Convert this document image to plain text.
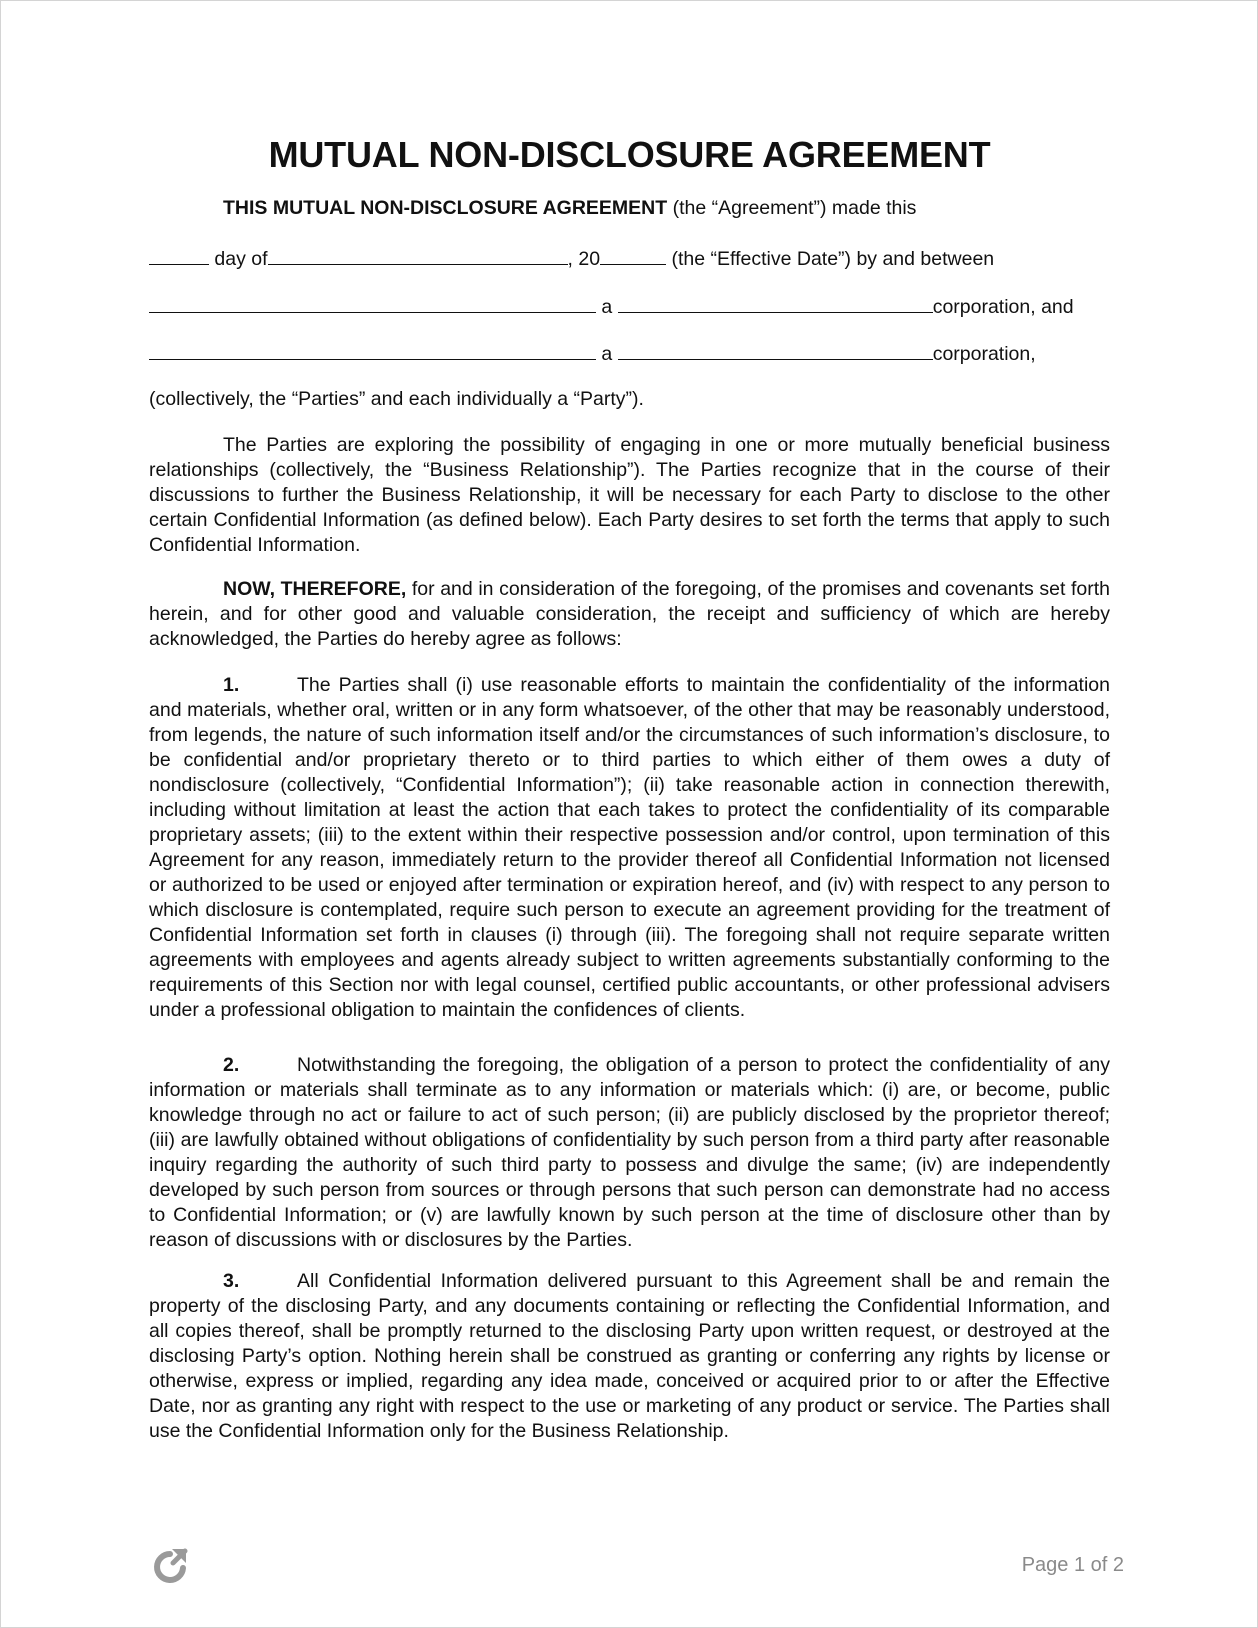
MUTUAL NON-DISCLOSURE AGREEMENT
THIS MUTUAL NON-DISCLOSURE AGREEMENT (the “Agreement”) made this
day of	, 20	(the “Effective Date”) by and between
a	corporation, and
a	corporation,
(collectively, the “Parties” and each individually a “Party”).
The Parties are exploring the possibility of engaging in one or more mutually beneficial business relationships (collectively, the “Business Relationship”). The Parties recognize that in the course of their discussions to further the Business Relationship, it will be necessary for each Party to disclose to the other certain Confidential Information (as defined below). Each Party desires to set forth the terms that apply to such Confidential Information.
NOW, THEREFORE, for and in consideration of the foregoing, of the promises and covenants set forth herein, and for other good and valuable consideration, the receipt and sufficiency of which are hereby acknowledged, the Parties do hereby agree as follows:
1.	The Parties shall (i) use reasonable efforts to maintain the confidentiality of the information and materials, whether oral, written or in any form whatsoever, of the other that may be reasonably understood, from legends, the nature of such information itself and/or the circumstances of such information’s disclosure, to be confidential and/or proprietary thereto or to third parties to which either of them owes a duty of nondisclosure (collectively, “Confidential Information”); (ii) take reasonable action in connection therewith, including without limitation at least the action that each takes to protect the confidentiality of its comparable proprietary assets; (iii) to the extent within their respective possession and/or control, upon termination of this Agreement for any reason, immediately return to the provider thereof all Confidential Information not licensed or authorized to be used or enjoyed after termination or expiration hereof, and (iv) with respect to any person to which disclosure is contemplated, require such person to execute an agreement providing for the treatment of Confidential Information set forth in clauses (i) through (iii). The foregoing shall not require separate written agreements with employees and agents already subject to written agreements substantially conforming to the requirements of this Section nor with legal counsel, certified public accountants, or other professional advisers under a professional obligation to maintain the confidences of clients.
2.	Notwithstanding the foregoing, the obligation of a person to protect the confidentiality of any information or materials shall terminate as to any information or materials which: (i) are, or become, public knowledge through no act or failure to act of such person; (ii) are publicly disclosed by the proprietor thereof; (iii) are lawfully obtained without obligations of confidentiality by such person from a third party after reasonable inquiry regarding the authority of such third party to possess and divulge the same; (iv) are independently developed by such person from sources or through persons that such person can demonstrate had no access to Confidential Information; or (v) are lawfully known by such person at the time of disclosure other than by reason of discussions with or disclosures by the Parties.
3.	All Confidential Information delivered pursuant to this Agreement shall be and remain the property of the disclosing Party, and any documents containing or reflecting the Confidential Information, and all copies thereof, shall be promptly returned to the disclosing Party upon written request, or destroyed at the disclosing Party’s option. Nothing herein shall be construed as granting or conferring any rights by license or otherwise, express or implied, regarding any idea made, conceived or acquired prior to or after the Effective Date, nor as granting any right with respect to the use or marketing of any product or service. The Parties shall use the Confidential Information only for the Business Relationship.
Page 1 of 2
